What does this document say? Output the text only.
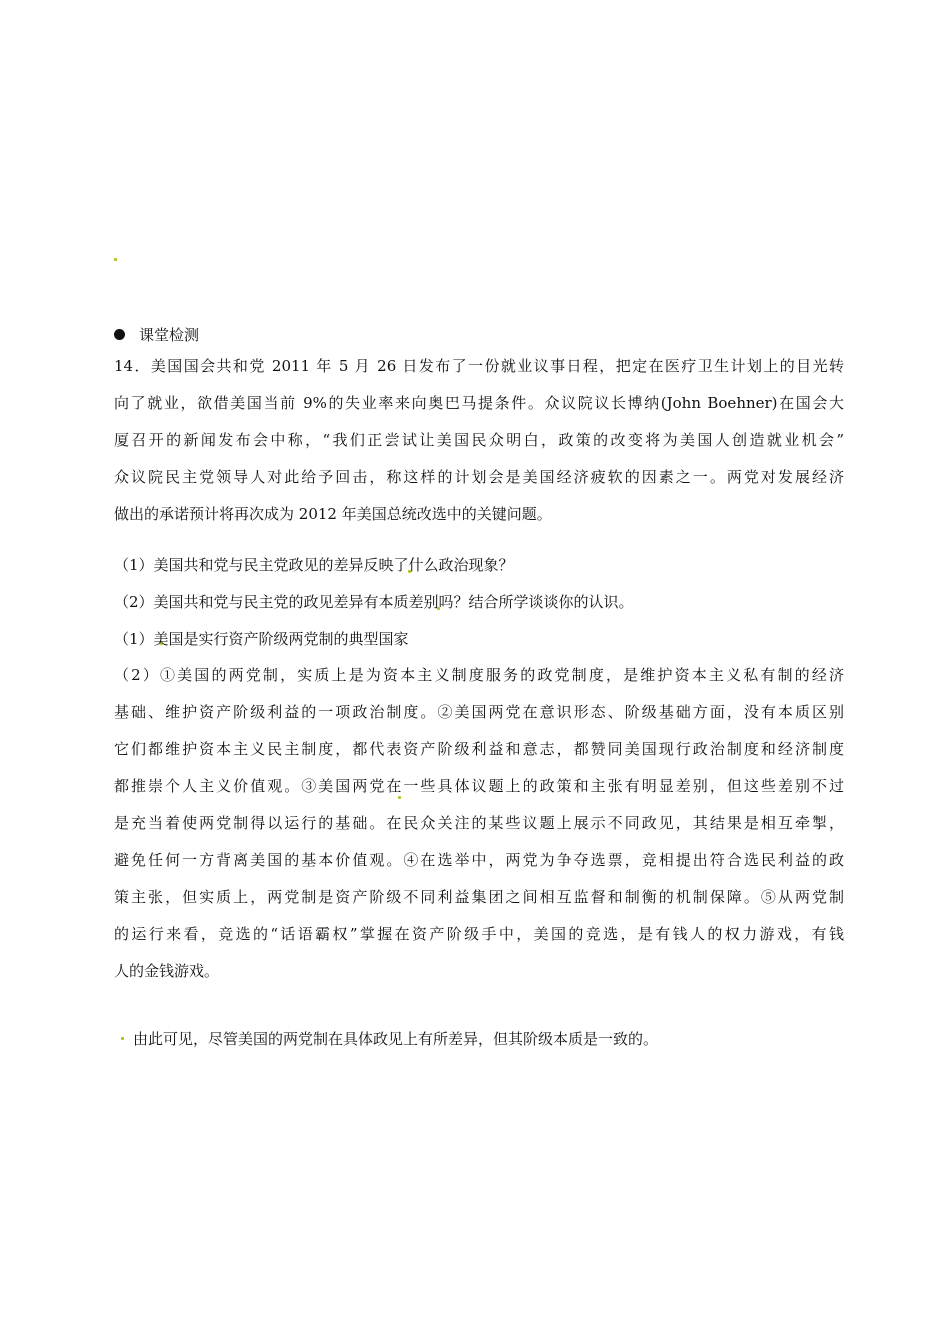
课堂检测
14．美国国会共和党 2011 年 5 月 26 日发布了一份就业议事日程，把定在医疗卫生计划上的目光转
向了就业，欲借美国当前 9%的失业率来向奥巴马提条件。众议院议长博纳(John Boehner)在国会大
厦召开的新闻发布会中称，“我们正尝试让美国民众明白，政策的改变将为美国人创造就业机会”
众议院民主党领导人对此给予回击，称这样的计划会是美国经济疲软的因素之一。两党对发展经济
做出的承诺预计将再次成为 2012 年美国总统改选中的关键问题。
（1）美国共和党与民主党政见的差异反映了什么政治现象？
（2）美国共和党与民主党的政见差异有本质差别吗？结合所学谈谈你的认识。
（1）美国是实行资产阶级两党制的典型国家
（2）①美国的两党制，实质上是为资本主义制度服务的政党制度，是维护资本主义私有制的经济
基础、维护资产阶级利益的一项政治制度。②美国两党在意识形态、阶级基础方面，没有本质区别
它们都维护资本主义民主制度，都代表资产阶级利益和意志，都赞同美国现行政治制度和经济制度
都推崇个人主义价值观。③美国两党在一些具体议题上的政策和主张有明显差别，但这些差别不过
是充当着使两党制得以运行的基础。在民众关注的某些议题上展示不同政见，其结果是相互牵掣，
避免任何一方背离美国的基本价值观。④在选举中，两党为争夺选票，竞相提出符合选民利益的政
策主张，但实质上，两党制是资产阶级不同利益集团之间相互监督和制衡的机制保障。⑤从两党制
的运行来看，竞选的“话语霸权”掌握在资产阶级手中，美国的竞选，是有钱人的权力游戏，有钱
人的金钱游戏。
由此可见，尽管美国的两党制在具体政见上有所差异，但其阶级本质是一致的。
